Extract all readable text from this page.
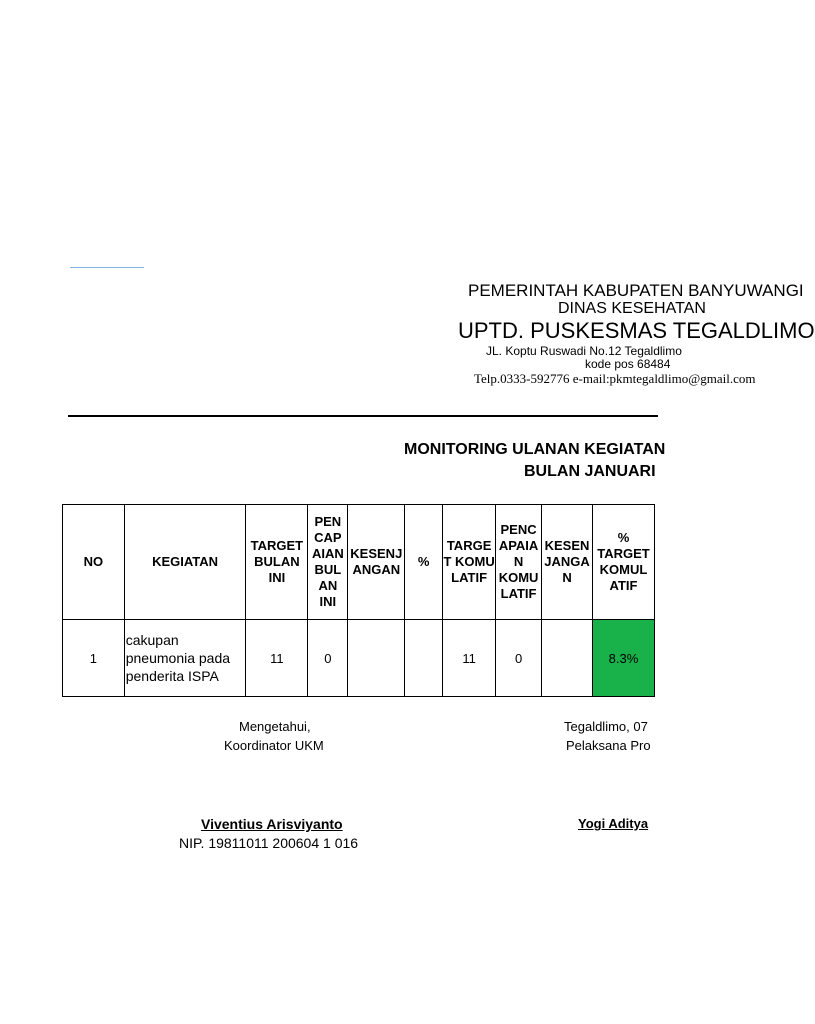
PEMERINTAH KABUPATEN BANYUWANGI
DINAS KESEHATAN
UPTD. PUSKESMAS TEGALDLIMO
JL. Koptu Ruswadi No.12 Tegaldlimo
kode pos 68484
Telp.0333-592776 e-mail:pkmtegaldlimo@gmail.com
MONITORING ULANAN KEGIATAN
BULAN JANUARI
NO	KEGIATAN	TARGET BULAN INI	PEN CAP AIAN BUL AN INI	KESENJ ANGAN	%	TARGE T KOMU LATIF	PENC APAIA N KOMU LATIF	KESEN JANGA N	% TARGET KOMUL ATIF
1	cakupan pneumonia pada penderita ISPA	11	0			11	0		8.3%
Mengetahui,
Koordinator UKM
Viventius Arisviyanto
NIP. 19811011 200604 1 016
Tegaldlimo, 07
Pelaksana Pro
Yogi Aditya
